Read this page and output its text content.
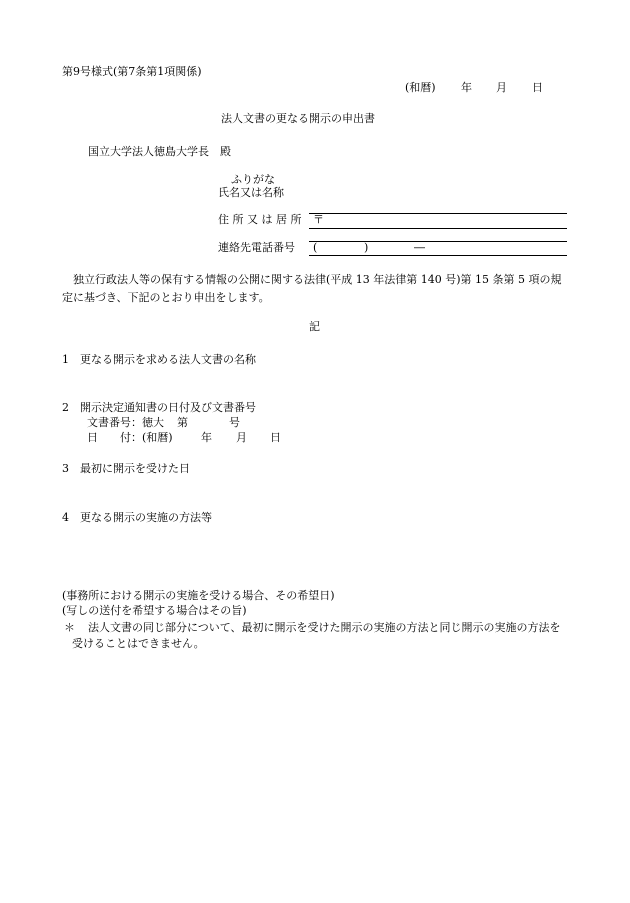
第9号様式(第7条第1項関係)
(和暦) 年 月 日
法人文書の更なる開示の申出書
国立大学法人徳島大学長　殿
ふりがな
氏名又は名称
住 所 又 は 居 所 〒
連絡先電話番号 (	)	―
独立行政法人等の保有する情報の公開に関する法律(平成 13 年法律第 140 号)第 15 条第 5 項の規定に基づき、下記のとおり申出をします。
記
1　更なる開示を求める法人文書の名称
2　開示決定通知書の日付及び文書番号
文書番号：徳大 第	号
日　　付：(和暦)	年 月 日
3　最初に開示を受けた日
4　更なる開示の実施の方法等
(事務所における開示の実施を受ける場合、その希望日)
(写しの送付を希望する場合はその旨)
＊	法人文書の同じ部分について、最初に開示を受けた開示の実施の方法と同じ開示の実施の方法を受けることはできません。
